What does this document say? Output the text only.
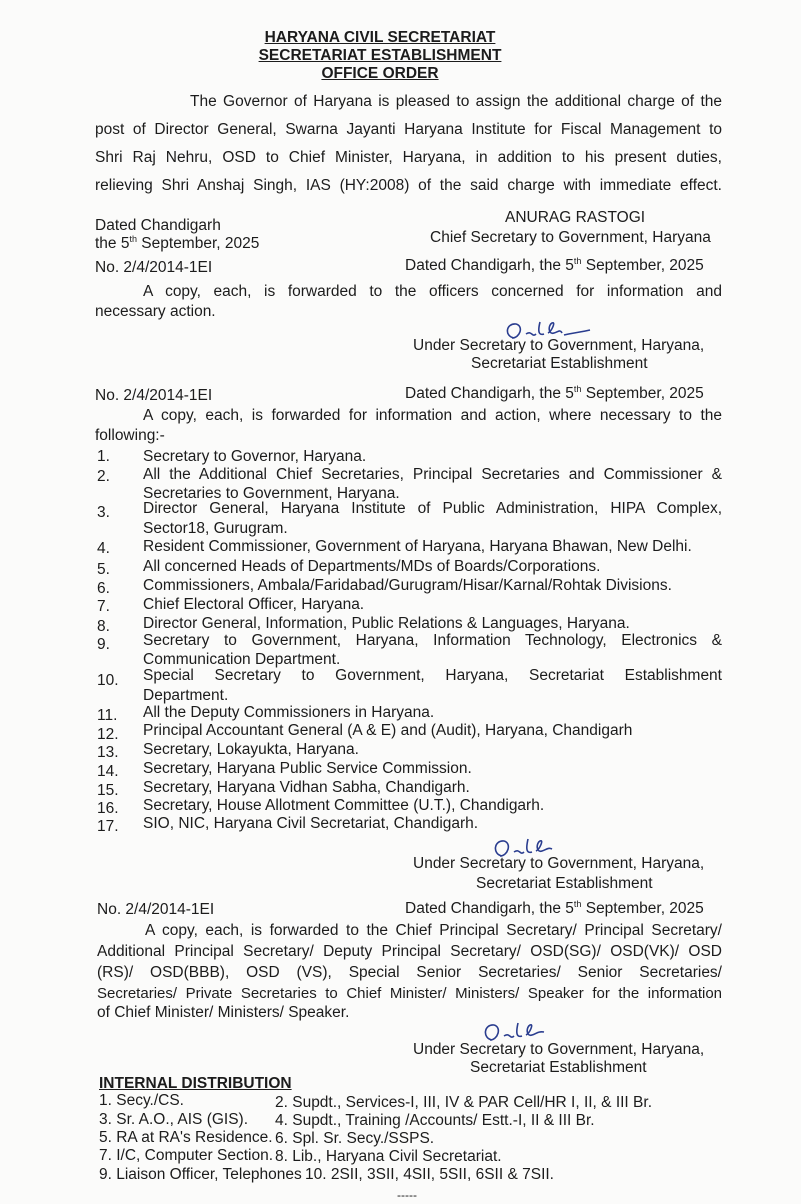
HARYANA CIVIL SECRETARIAT
SECRETARIAT ESTABLISHMENT
OFFICE ORDER
The Governor of Haryana is pleased to assign the additional charge of the
post of Director General, Swarna Jayanti Haryana Institute for Fiscal Management to
Shri Raj Nehru, OSD to Chief Minister, Haryana, in addition to his present duties,
relieving Shri Anshaj Singh, IAS (HY:2008) of the said charge with immediate effect.
Dated Chandigarh
the 5th September, 2025
ANURAG RASTOGI
Chief Secretary to Government, Haryana
No. 2/4/2014-1EI	Dated Chandigarh, the 5th September, 2025
A copy, each, is forwarded to the officers concerned for information and
necessary action.
Under Secretary to Government, Haryana,
Secretariat Establishment
No. 2/4/2014-1EI	Dated Chandigarh, the 5th September, 2025
A copy, each, is forwarded for information and action, where necessary to the
following:-
1. Secretary to Governor, Haryana.
2. All the Additional Chief Secretaries, Principal Secretaries and Commissioner &
Secretaries to Government, Haryana.
3. Director General, Haryana Institute of Public Administration, HIPA Complex,
Sector18, Gurugram.
4. Resident Commissioner, Government of Haryana, Haryana Bhawan, New Delhi.
5. All concerned Heads of Departments/MDs of Boards/Corporations.
6. Commissioners, Ambala/Faridabad/Gurugram/Hisar/Karnal/Rohtak Divisions.
7. Chief Electoral Officer, Haryana.
8. Director General, Information, Public Relations & Languages, Haryana.
9. Secretary to Government, Haryana, Information Technology, Electronics &
Communication Department.
10. Special Secretary to Government, Haryana, Secretariat Establishment
Department.
11. All the Deputy Commissioners in Haryana.
12. Principal Accountant General (A & E) and (Audit), Haryana, Chandigarh
13. Secretary, Lokayukta, Haryana.
14. Secretary, Haryana Public Service Commission.
15. Secretary, Haryana Vidhan Sabha, Chandigarh.
16. Secretary, House Allotment Committee (U.T.), Chandigarh.
17. SIO, NIC, Haryana Civil Secretariat, Chandigarh.
Under Secretary to Government, Haryana,
Secretariat Establishment
No. 2/4/2014-1EI	Dated Chandigarh, the 5th September, 2025
A copy, each, is forwarded to the Chief Principal Secretary/ Principal Secretary/
Additional Principal Secretary/ Deputy Principal Secretary/ OSD(SG)/ OSD(VK)/ OSD
(RS)/ OSD(BBB), OSD (VS), Special Senior Secretaries/ Senior Secretaries/
Secretaries/ Private Secretaries to Chief Minister/ Ministers/ Speaker for the information
of Chief Minister/ Ministers/ Speaker.
Under Secretary to Government, Haryana,
Secretariat Establishment
INTERNAL DISTRIBUTION
1. Secy./CS.	2. Supdt., Services-I, III, IV & PAR Cell/HR I, II, & III Br.
3. Sr. A.O., AIS (GIS). 4. Supdt., Training /Accounts/ Estt.-I, II & III Br.
5. RA at RA's Residence. 6. Spl. Sr. Secy./SSPS.
7. I/C, Computer Section. 8. Lib., Haryana Civil Secretariat.
9. Liaison Officer, Telephones 10. 2SII, 3SII, 4SII, 5SII, 6SII & 7SII.
-----
